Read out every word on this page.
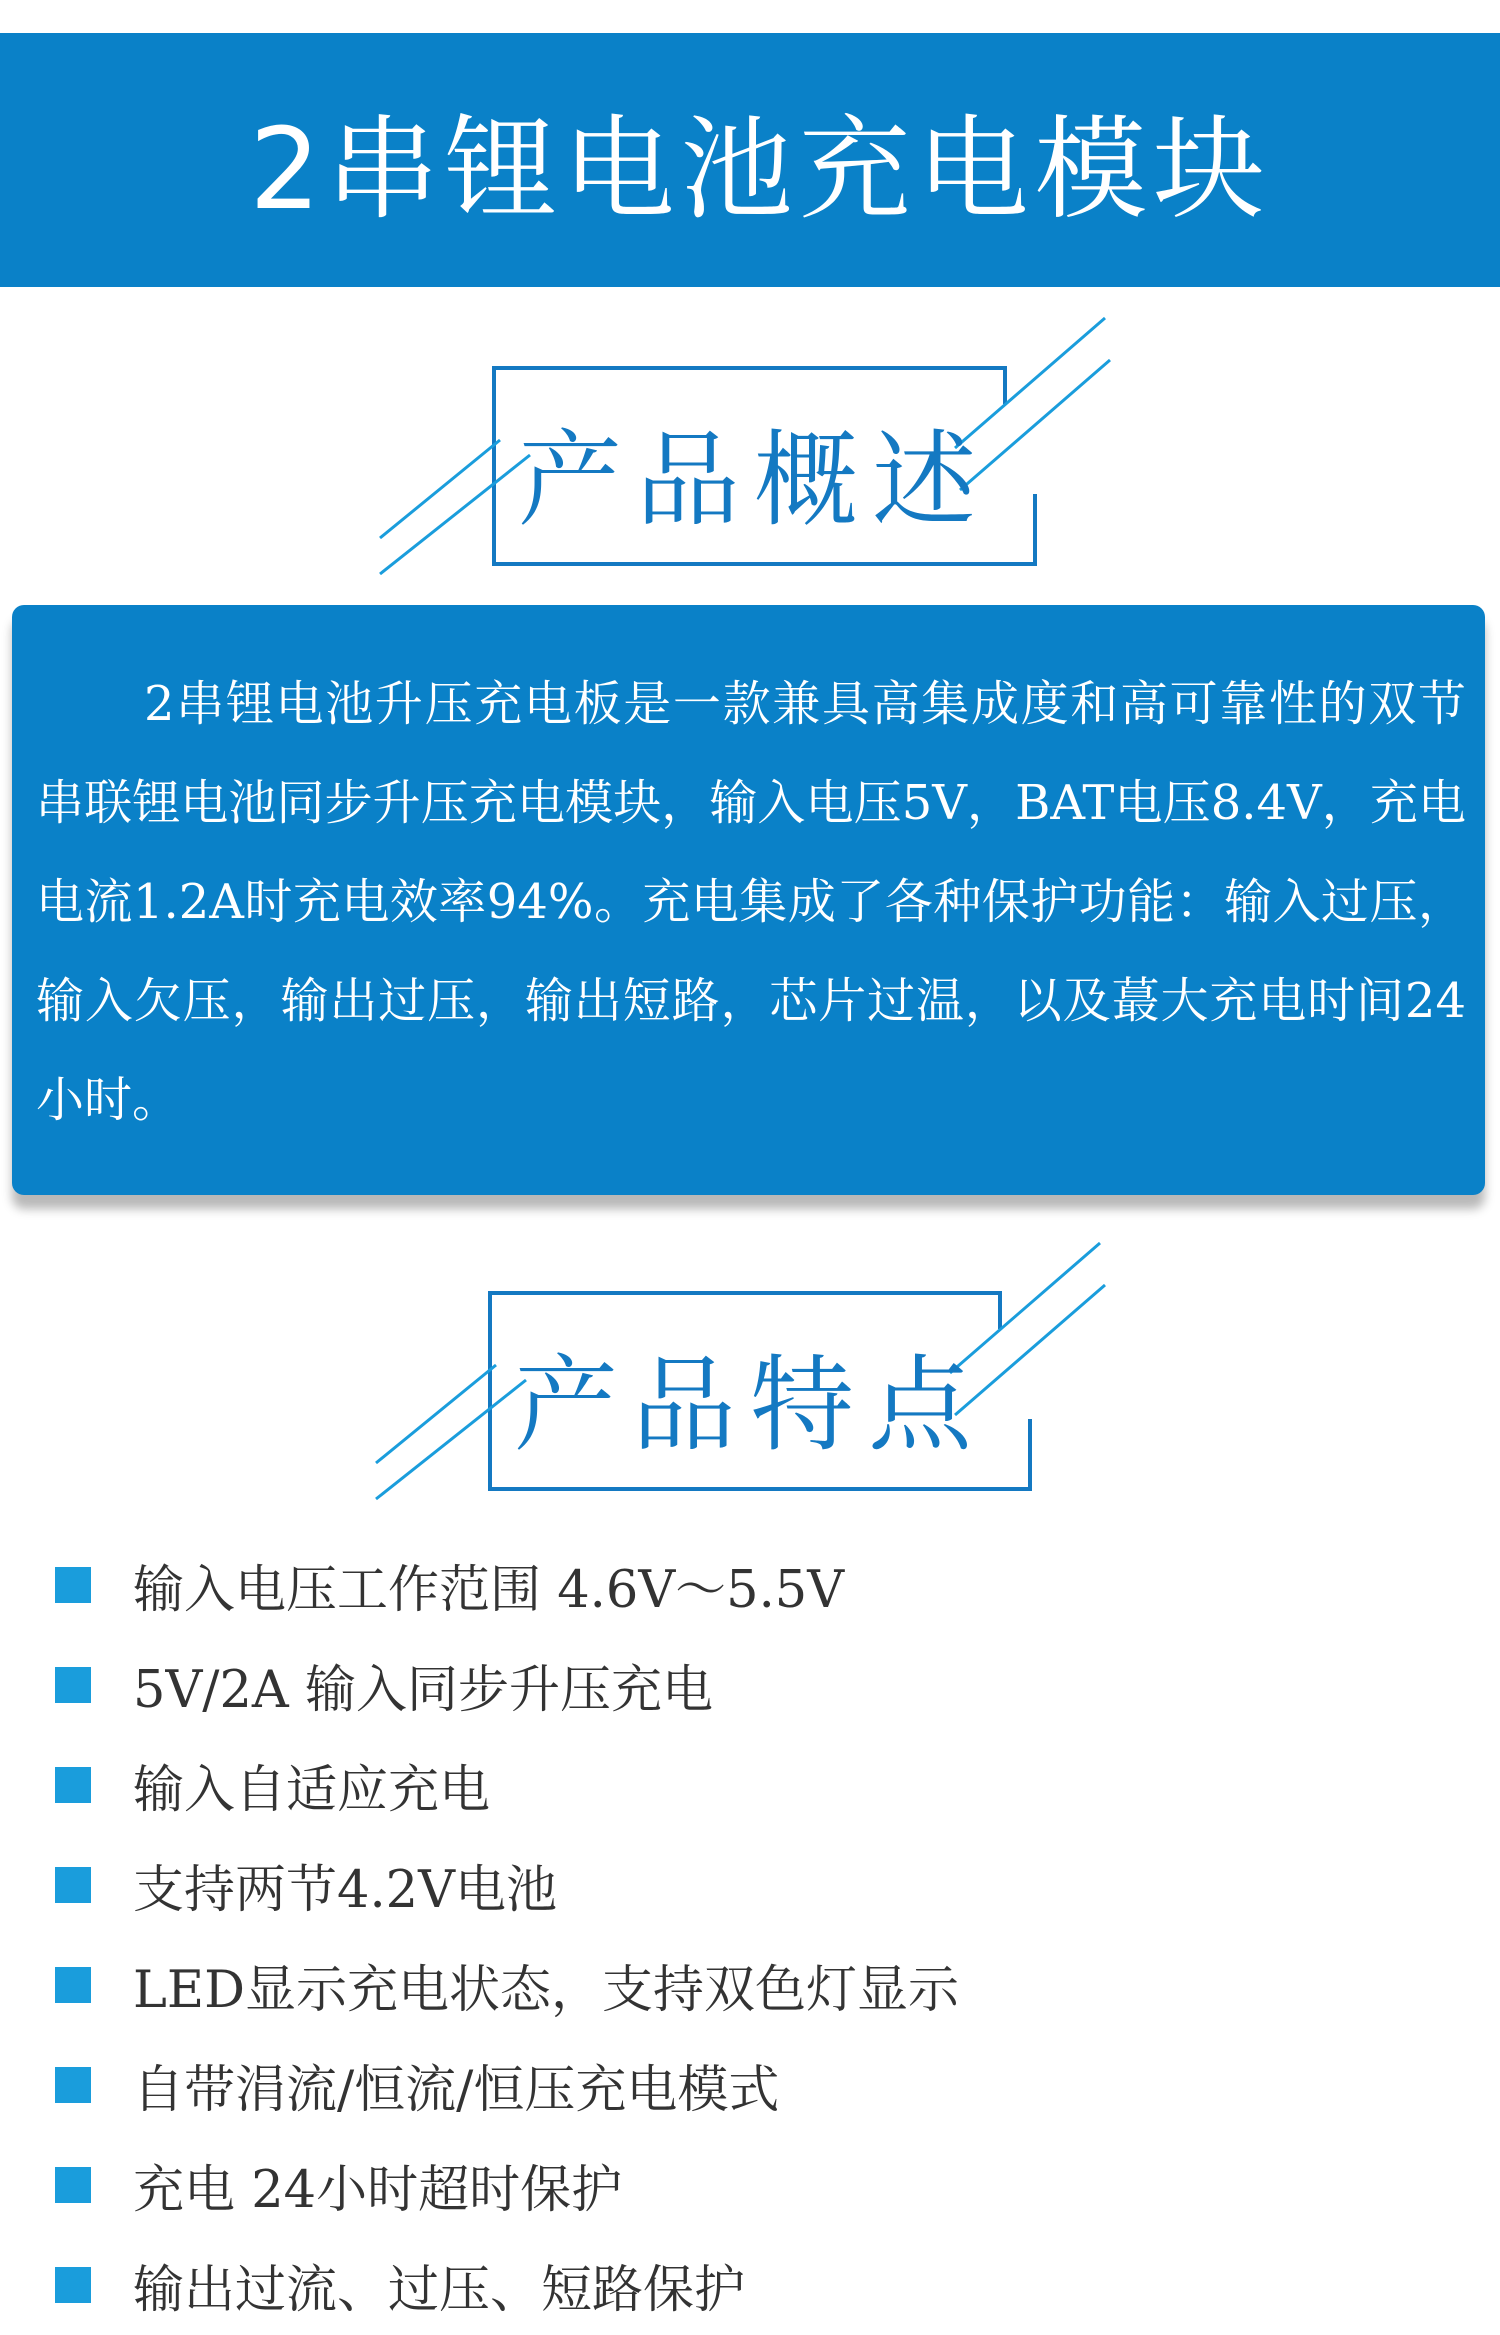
2串锂电池充电模块
产品概述
2串锂电池升压充电板是一款兼具高集成度和高可靠性的双节串联锂电池同步升压充电模块，输入电压5V，BAT电压8.4V，充电电流1.2A时充电效率94%。充电集成了各种保护功能：输入过压，输入欠压，输出过压，输出短路，芯片过温，以及蕞大充电时间24小时。
产品特点
输入电压工作范围 4.6V～5.5V
5V/2A 输入同步升压充电
输入自适应充电
支持两节4.2V电池
LED显示充电状态，支持双色灯显示
自带涓流/恒流/恒压充电模式
充电 24小时超时保护
输出过流、过压、短路保护
